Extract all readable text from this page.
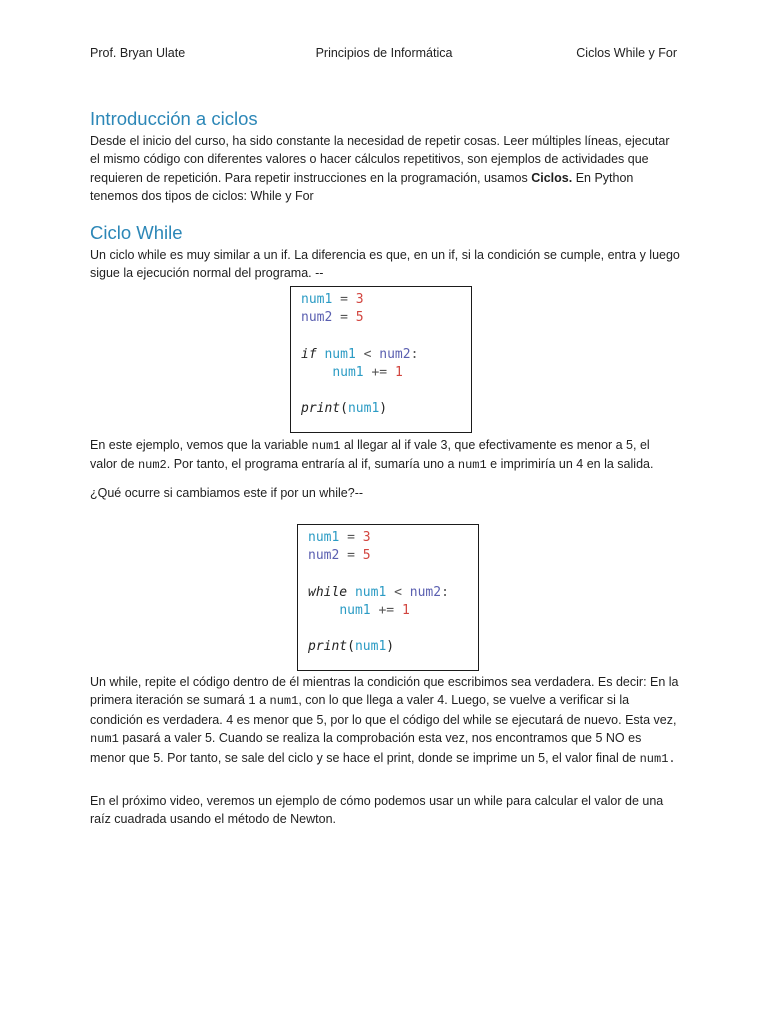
Prof. Bryan Ulate	Principios de Informática	Ciclos While y For
Introducción a ciclos

Desde el inicio del curso, ha sido constante la necesidad de repetir cosas. Leer múltiples líneas, ejecutar el mismo código con diferentes valores o hacer cálculos repetitivos, son ejemplos de actividades que requieren de repetición. Para repetir instrucciones en la programación, usamos Ciclos. En Python tenemos dos tipos de ciclos: While y For

Ciclo While

Un ciclo while es muy similar a un if. La diferencia es que, en un if, si la condición se cumple, entra y luego sigue la ejecución normal del programa. --

num1 = 3
num2 = 5
if num1 < num2:
num1 += 1
print(num1)

En este ejemplo, vemos que la variable num1 al llegar al if vale 3, que efectivamente es menor a 5, el valor de num2. Por tanto, el programa entraría al if, sumaría uno a num1 e imprimiría un 4 en la salida.

¿Qué ocurre si cambiamos este if por un while?--

num1 = 3
num2 = 5
while num1 < num2:
num1 += 1
print(num1)

Un while, repite el código dentro de él mientras la condición que escribimos sea verdadera. Es decir: En la primera iteración se sumará 1 a num1, con lo que llega a valer 4. Luego, se vuelve a verificar si la condición es verdadera. 4 es menor que 5, por lo que el código del while se ejecutará de nuevo. Esta vez, num1 pasará a valer 5. Cuando se realiza la comprobación esta vez, nos encontramos que 5 NO es menor que 5. Por tanto, se sale del ciclo y se hace el print, donde se imprime un 5, el valor final de num1.

En el próximo video, veremos un ejemplo de cómo podemos usar un while para calcular el valor de una raíz cuadrada usando el método de Newton.
